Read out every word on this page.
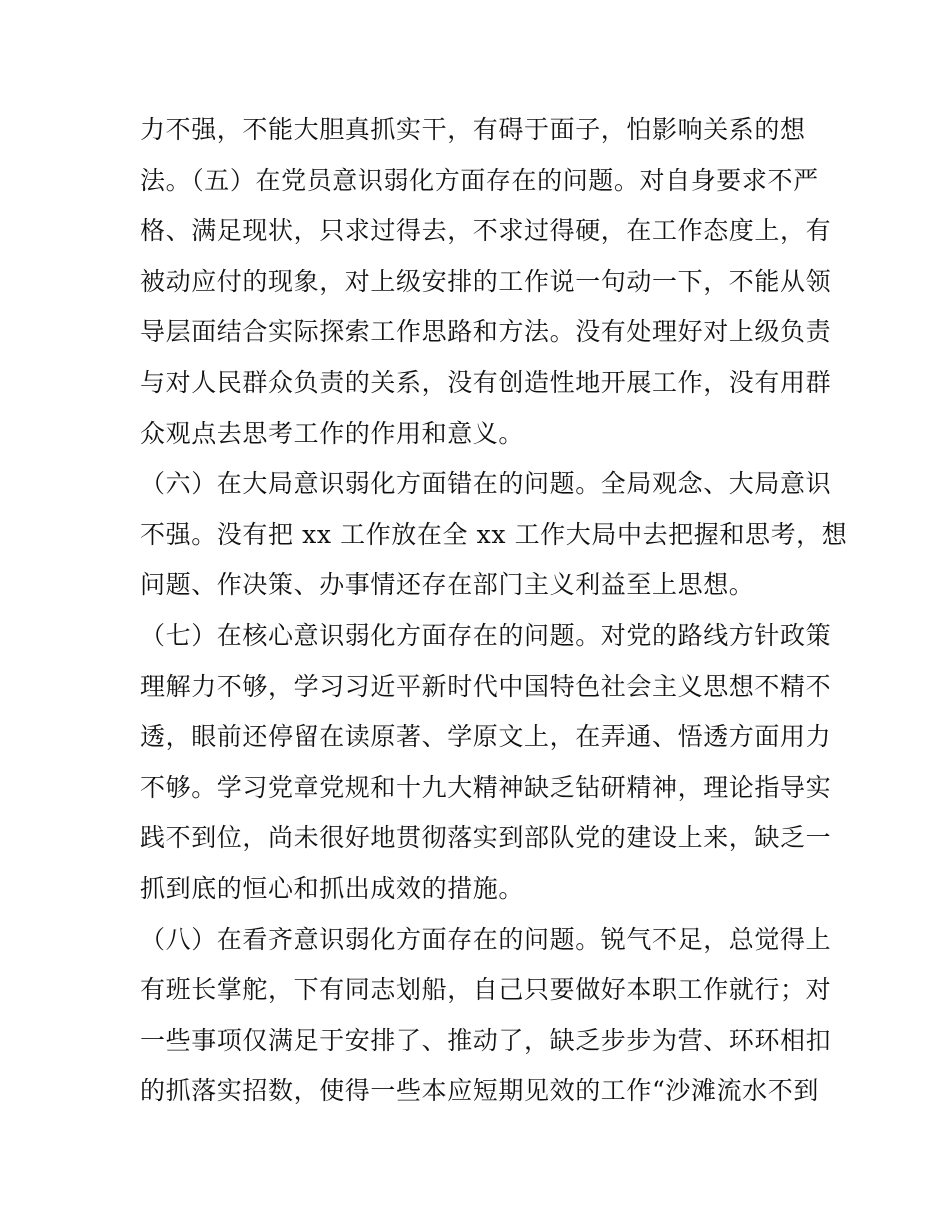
力不强，不能大胆真抓实干，有碍于面子，怕影响关系的想
法。（五）在党员意识弱化方面存在的问题。对自身要求不严
格、满足现状，只求过得去，不求过得硬，在工作态度上，有
被动应付的现象，对上级安排的工作说一句动一下，不能从领
导层面结合实际探索工作思路和方法。没有处理好对上级负责
与对人民群众负责的关系，没有创造性地开展工作，没有用群
众观点去思考工作的作用和意义。
（六）在大局意识弱化方面错在的问题。全局观念、大局意识
不强。没有把 xx 工作放在全 xx 工作大局中去把握和思考，想
问题、作决策、办事情还存在部门主义利益至上思想。
（七）在核心意识弱化方面存在的问题。对党的路线方针政策
理解力不够，学习习近平新时代中国特色社会主义思想不精不
透，眼前还停留在读原著、学原文上，在弄通、悟透方面用力
不够。学习党章党规和十九大精神缺乏钻研精神，理论指导实
践不到位，尚未很好地贯彻落实到部队党的建设上来，缺乏一
抓到底的恒心和抓出成效的措施。
（八）在看齐意识弱化方面存在的问题。锐气不足，总觉得上
有班长掌舵，下有同志划船，自己只要做好本职工作就行；对
一些事项仅满足于安排了、推动了，缺乏步步为营、环环相扣
的抓落实招数，使得一些本应短期见效的工作“沙滩流水不到
